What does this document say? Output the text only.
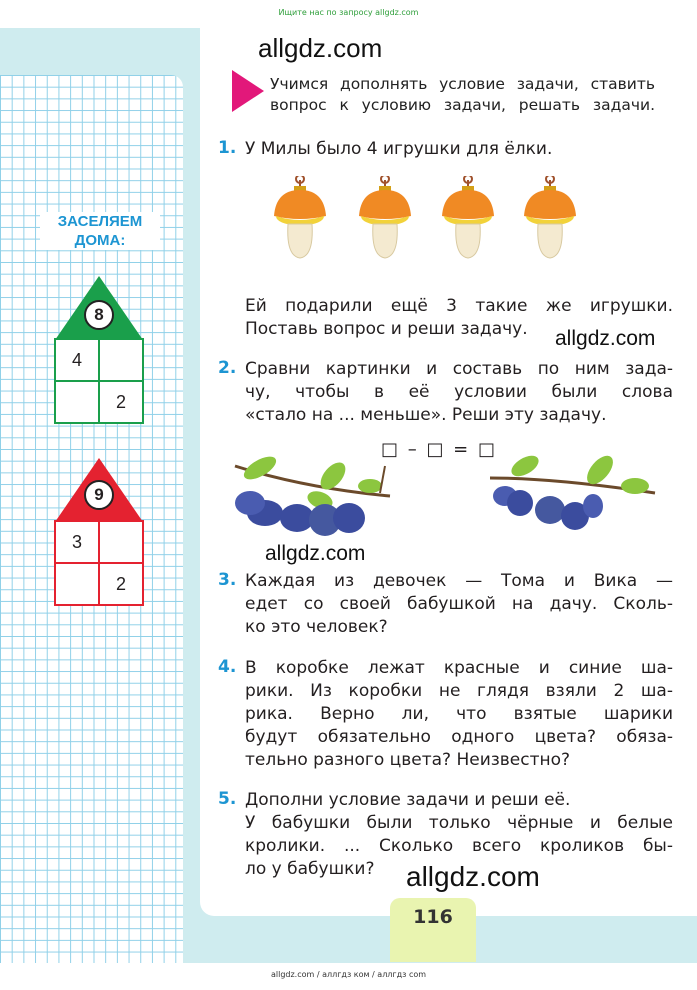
Ищите нас по запросу allgdz.com
ЗАСЕЛЯЕМ
ДОМА:
8
4	
	2
9
3	
	2
allgdz.com
allgdz.com
allgdz.com
allgdz.com
Учимся дополнять условие задачи, ставить
вопрос к условию задачи, решать задачи.
1. У Милы было 4 игрушки для ёлки.

Ей подарили ещё 3 такие же игрушки.

Поставь вопрос и реши задачу.

2. Сравни картинки и составь по ним зада-

чу, чтобы в её условии были слова

«стало на ... меньше». Реши эту задачу.

□ – □ = □
3. Каждая из девочек — Тома и Вика —

едет со своей бабушкой на дачу. Сколь-

ко это человек?

4. В коробке лежат красные и синие ша-

рики. Из коробки не глядя взяли 2 ша-

рика. Верно ли, что взятые шарики

будут обязательно одного цвета? обяза-

тельно разного цвета? Неизвестно?

5. Дополни условие задачи и реши её.

У бабушки были только чёрные и белые

кролики. ... Сколько всего кроликов бы-

ло у бабушки?

116
allgdz.com / аллгдз ком / аллгдз com
